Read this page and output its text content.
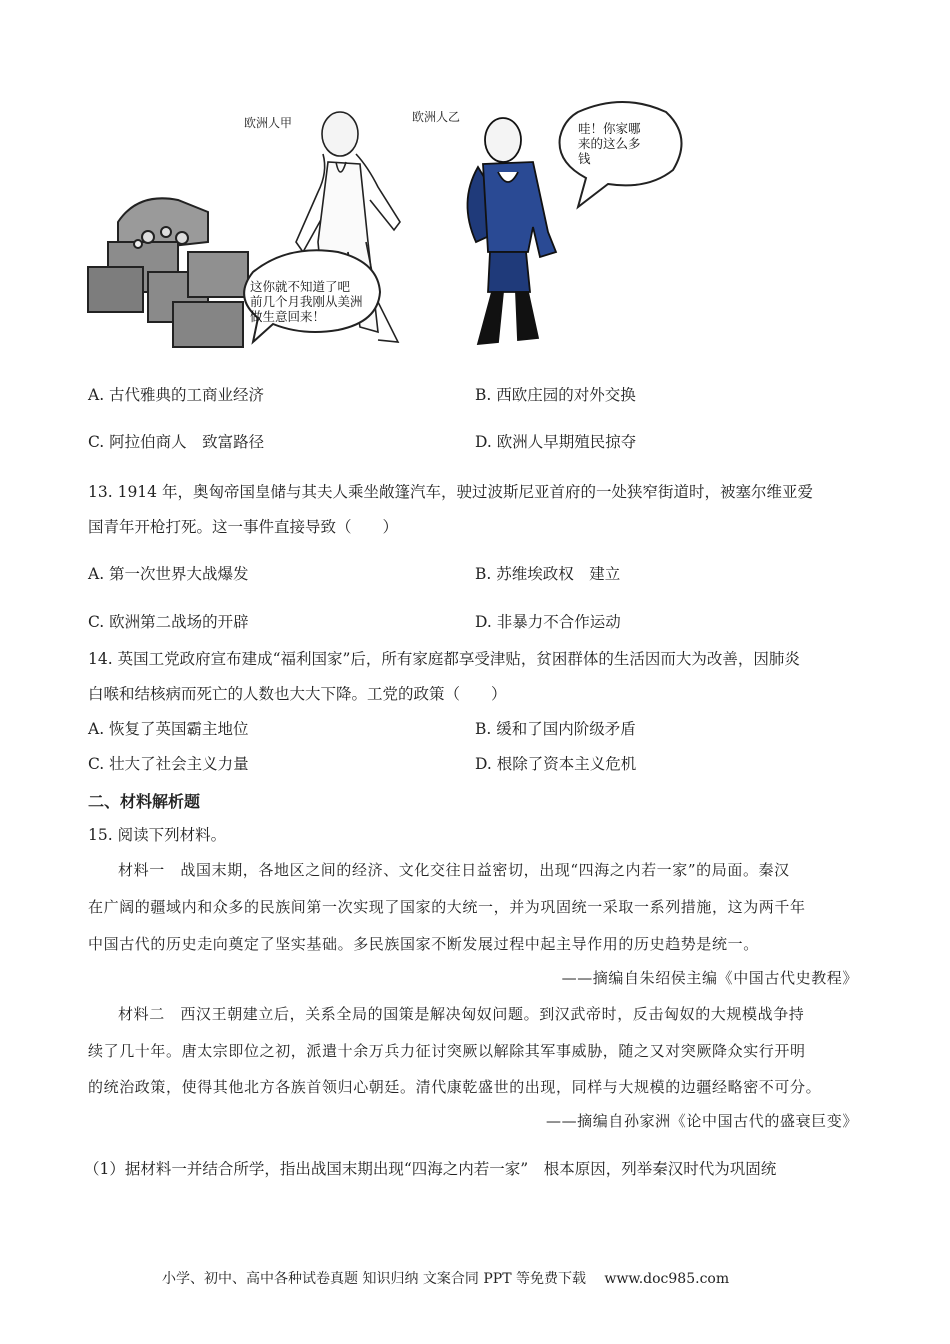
欧洲人甲	欧洲人乙
哇！你家哪
来的这么多
钱
这你就不知道了吧
前几个月我刚从美洲
做生意回来！
A. 古代雅典的工商业经济	B. 西欧庄园的对外交换
C. 阿拉伯商人　致富路径	D. 欧洲人早期殖民掠夺
13. 1914 年，奥匈帝国皇储与其夫人乘坐敞篷汽车，驶过波斯尼亚首府的一处狭窄街道时，被塞尔维亚爱
国青年开枪打死。这一事件直接导致（　　）
A. 第一次世界大战爆发	B. 苏维埃政权　建立
C. 欧洲第二战场的开辟	D. 非暴力不合作运动
14. 英国工党政府宣布建成“福利国家”后，所有家庭都享受津贴，贫困群体的生活因而大为改善，因肺炎
白喉和结核病而死亡的人数也大大下降。工党的政策（　　）
A. 恢复了英国霸主地位	B. 缓和了国内阶级矛盾
C. 壮大了社会主义力量	D. 根除了资本主义危机
二、材料解析题
15. 阅读下列材料。
材料一　战国末期，各地区之间的经济、文化交往日益密切，出现“四海之内若一家”的局面。秦汉
在广阔的疆域内和众多的民族间第一次实现了国家的大统一，并为巩固统一采取一系列措施，这为两千年
中国古代的历史走向奠定了坚实基础。多民族国家不断发展过程中起主导作用的历史趋势是统一。
——摘编自朱绍侯主编《中国古代史教程》
材料二　西汉王朝建立后，关系全局的国策是解决匈奴问题。到汉武帝时，反击匈奴的大规模战争持
续了几十年。唐太宗即位之初，派遣十余万兵力征讨突厥以解除其军事威胁，随之又对突厥降众实行开明
的统治政策，使得其他北方各族首领归心朝廷。清代康乾盛世的出现，同样与大规模的边疆经略密不可分。
——摘编自孙家洲《论中国古代的盛衰巨变》
（1）据材料一并结合所学，指出战国末期出现“四海之内若一家”　根本原因，列举秦汉时代为巩固统
小学、初中、高中各种试卷真题 知识归纳 文案合同 PPT 等免费下载　 www.doc985.com
